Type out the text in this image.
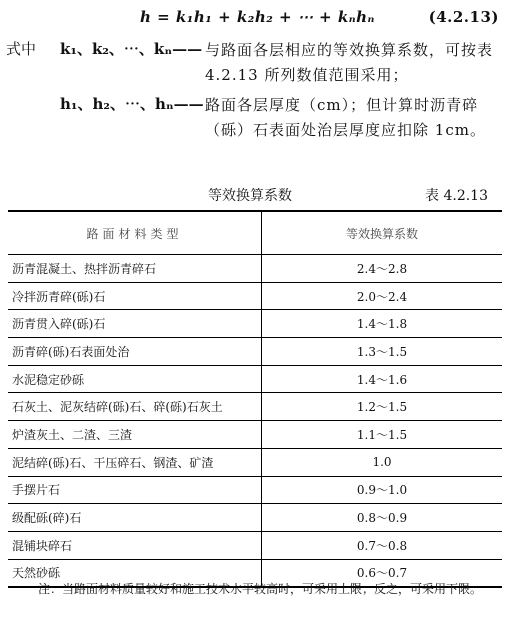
h = k₁h₁ + k₂h₂ + ⋯ + kₙhₙ	(4.2.13)
式中 k₁、k₂、⋯、kₙ—— 与路面各层相应的等效换算系数，可按表 4.2.13 所列数值范围采用；
h₁、h₂、⋯、hₙ—— 路面各层厚度（cm）；但计算时沥青碎（砾）石表面处治层厚度应扣除 1cm。
等效换算系数	表 4.2.13
路面材料类型	等效换算系数
沥青混凝土、热拌沥青碎石	2.4～2.8
冷拌沥青碎(砾)石	2.0～2.4
沥青贯入碎(砾)石	1.4～1.8
沥青碎(砾)石表面处治	1.3～1.5
水泥稳定砂砾	1.4～1.6
石灰土、泥灰结碎(砾)石、碎(砾)石灰土	1.2～1.5
炉渣灰土、二渣、三渣	1.1～1.5
泥结碎(砾)石、干压碎石、钢渣、矿渣	1.0
手摆片石	0.9～1.0
级配砾(碎)石	0.8～0.9
混铺块碎石	0.7～0.8
天然砂砾	0.6～0.7
注：当路面材料质量较好和施工技术水平较高时，可采用上限；反之，可采用下限。
